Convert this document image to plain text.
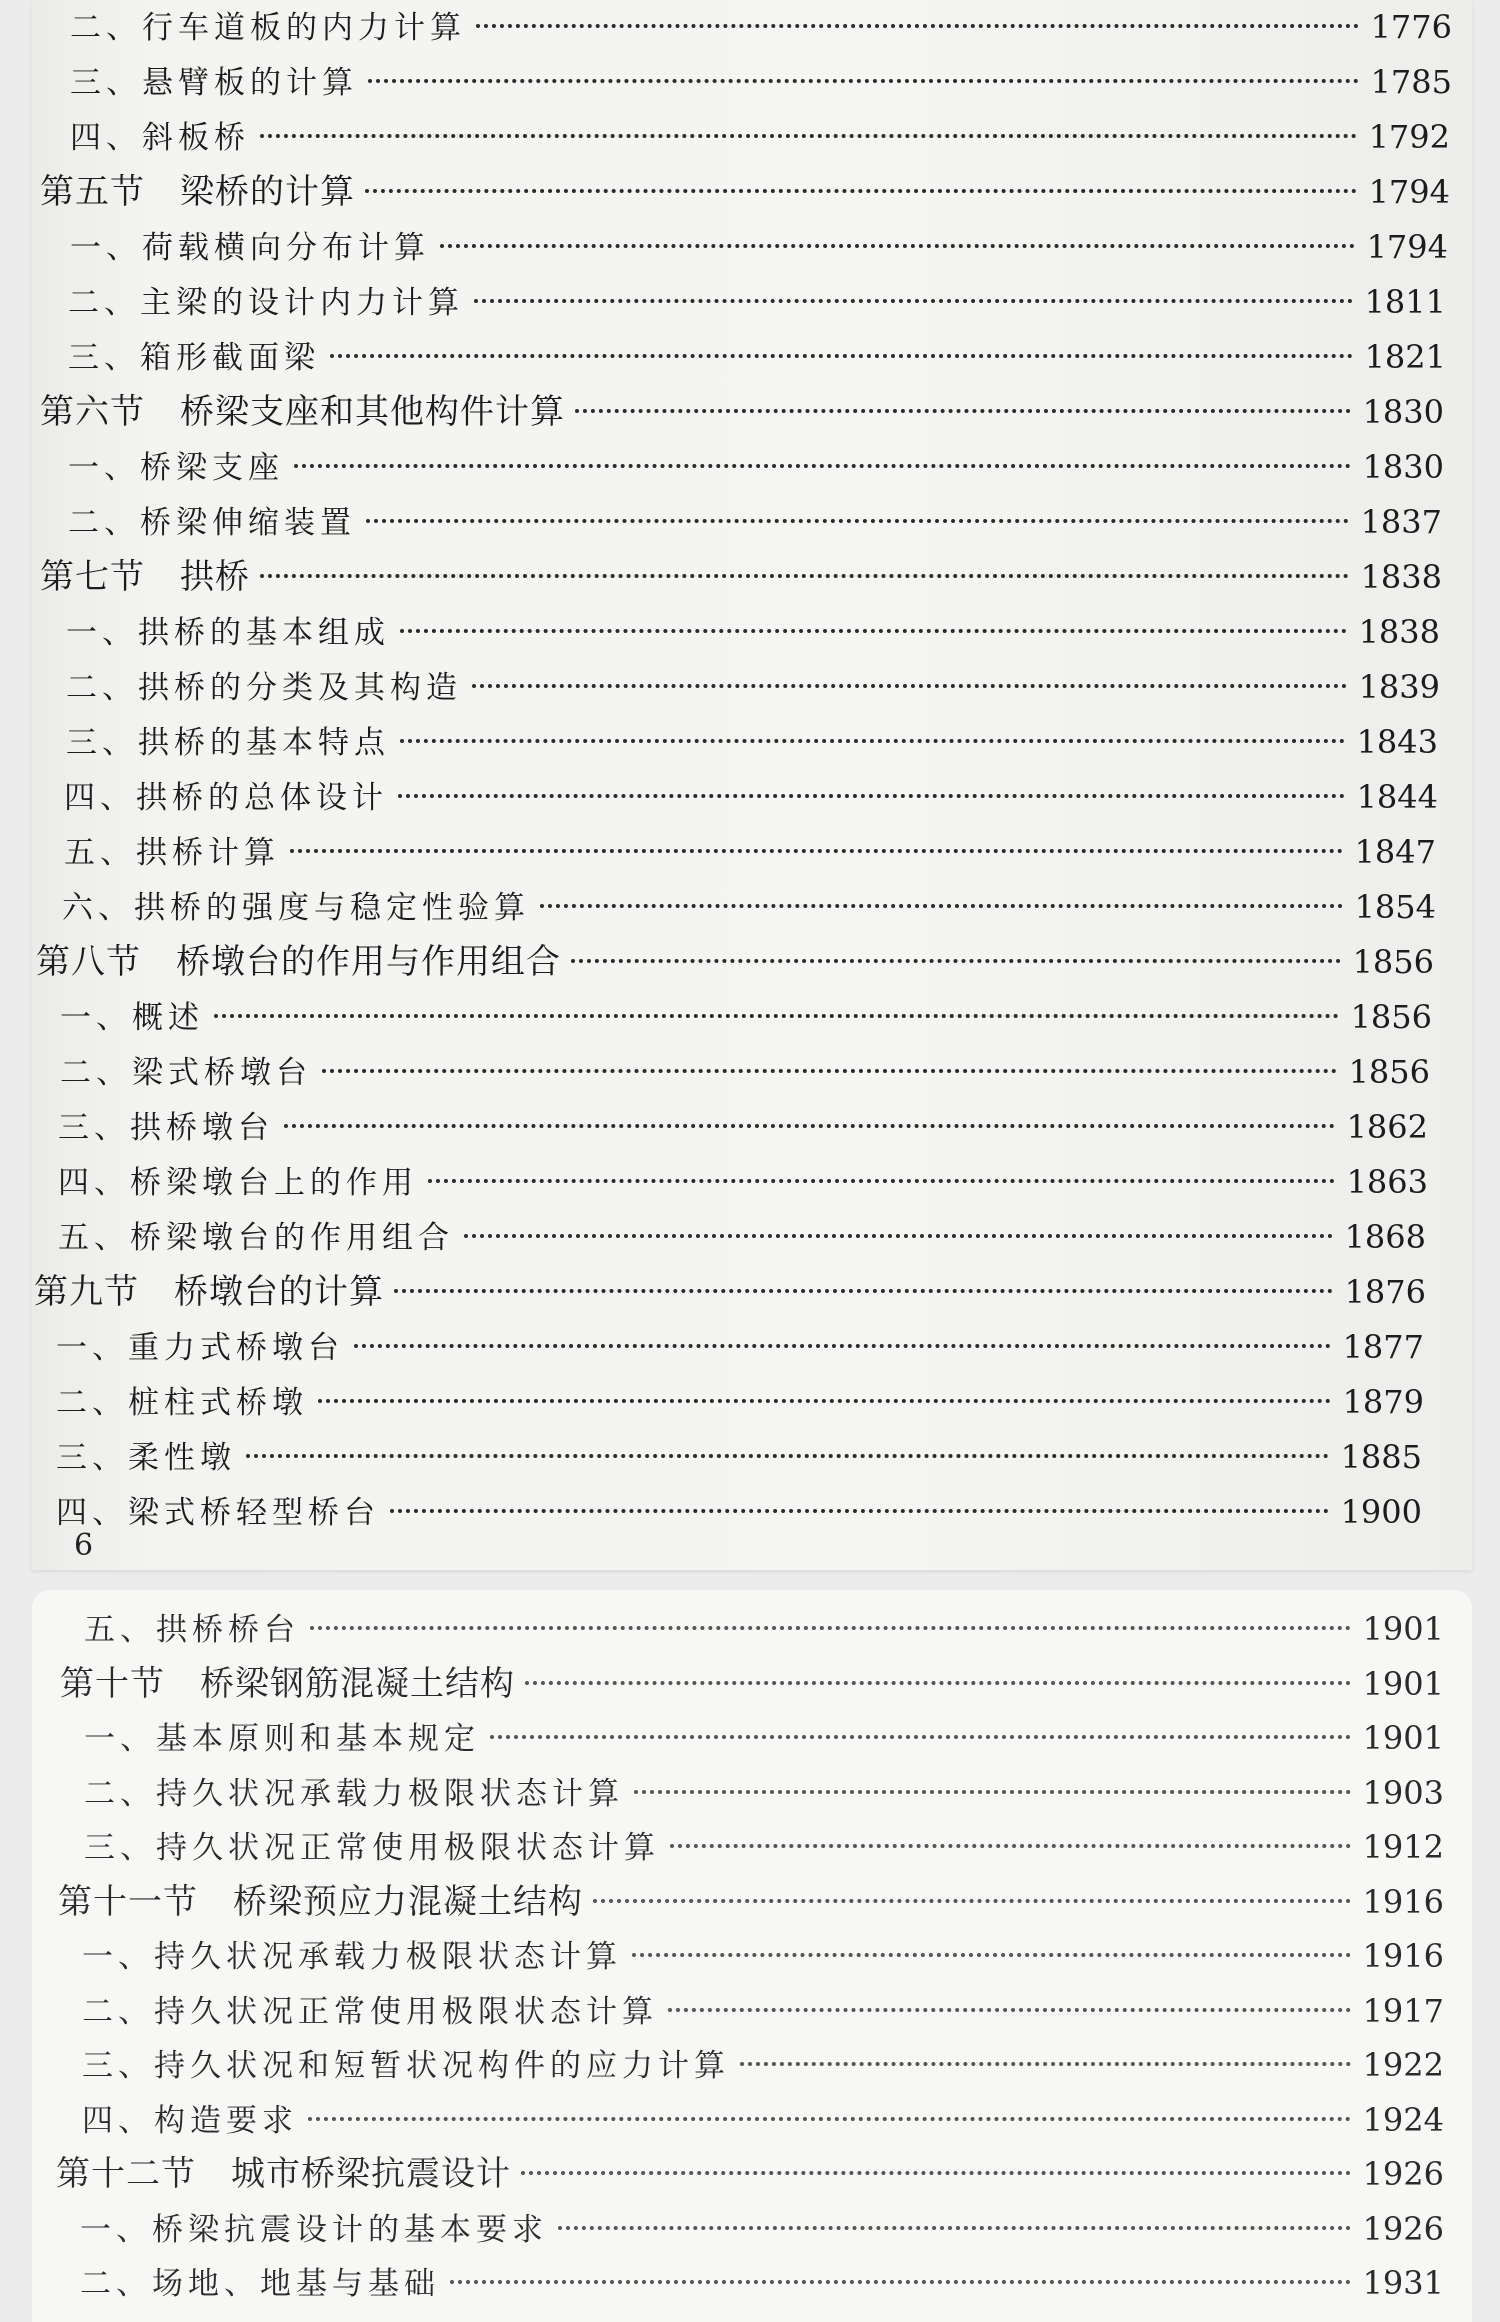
二、行车道板的内力计算	1776
三、悬臂板的计算	1785
四、斜板桥	1792
第五节　梁桥的计算	1794
一、荷载横向分布计算	1794
二、主梁的设计内力计算	1811
三、箱形截面梁	1821
第六节　桥梁支座和其他构件计算	1830
一、桥梁支座	1830
二、桥梁伸缩装置	1837
第七节　拱桥	1838
一、拱桥的基本组成	1838
二、拱桥的分类及其构造	1839
三、拱桥的基本特点	1843
四、拱桥的总体设计	1844
五、拱桥计算	1847
六、拱桥的强度与稳定性验算	1854
第八节　桥墩台的作用与作用组合	1856
一、概述	1856
二、梁式桥墩台	1856
三、拱桥墩台	1862
四、桥梁墩台上的作用	1863
五、桥梁墩台的作用组合	1868
第九节　桥墩台的计算	1876
一、重力式桥墩台	1877
二、桩柱式桥墩	1879
三、柔性墩	1885
四、梁式桥轻型桥台	1900
6
五、拱桥桥台	1901
第十节　桥梁钢筋混凝土结构	1901
一、基本原则和基本规定	1901
二、持久状况承载力极限状态计算	1903
三、持久状况正常使用极限状态计算	1912
第十一节　桥梁预应力混凝土结构	1916
一、持久状况承载力极限状态计算	1916
二、持久状况正常使用极限状态计算	1917
三、持久状况和短暂状况构件的应力计算	1922
四、构造要求	1924
第十二节　城市桥梁抗震设计	1926
一、桥梁抗震设计的基本要求	1926
二、场地、地基与基础	1931
